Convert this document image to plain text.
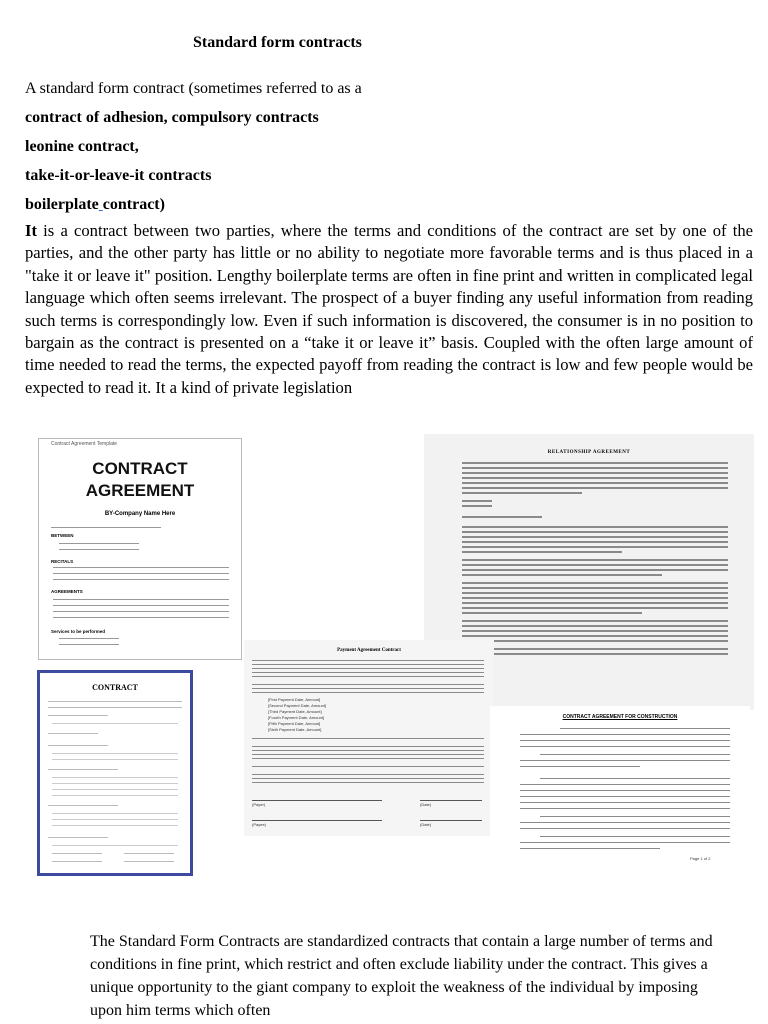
Standard form contracts
A standard form contract (sometimes referred to as a
contract of adhesion, compulsory contracts
leonine contract,
take-it-or-leave-it contracts
boilerplate contract)
It is a contract between two parties, where the terms and conditions of the contract are set by one of the parties, and the other party has little or no ability to negotiate more favorable terms and is thus placed in a "take it or leave it" position. Lengthy boilerplate terms are often in fine print and written in complicated legal language which often seems irrelevant. The prospect of a buyer finding any useful information from reading such terms is correspondingly low. Even if such information is discovered, the consumer is in no position to bargain as the contract is presented on a “take it or leave it” basis. Coupled with the often large amount of time needed to read the terms, the expected payoff from reading the contract is low and few people would be expected to read it. It a kind of private legislation
Contract Agreement Template
CONTRACT
AGREEMENT
BY-Company Name Here
BETWEEN
RECITALS
AGREEMENTS
Services to be performed
CONTRACT
RELATIONSHIP AGREEMENT
Payment Agreement Contract
[First Payment Date, Amount]
[Second Payment Date, Amount]
[Third Payment Date, Amount]
[Fourth Payment Date, Amount]
[Fifth Payment Date, Amount]
[Sixth Payment Date, Amount]
(Payer)	(Date)
(Payee)	(Date)
CONTRACT AGREEMENT FOR CONSTRUCTION
Page 1 of 2
The Standard Form Contracts are standardized contracts that contain a large number of terms and conditions in fine print, which restrict and often exclude liability under the contract. This gives a unique opportunity to the giant company to exploit the weakness of the individual by imposing upon him terms which often
